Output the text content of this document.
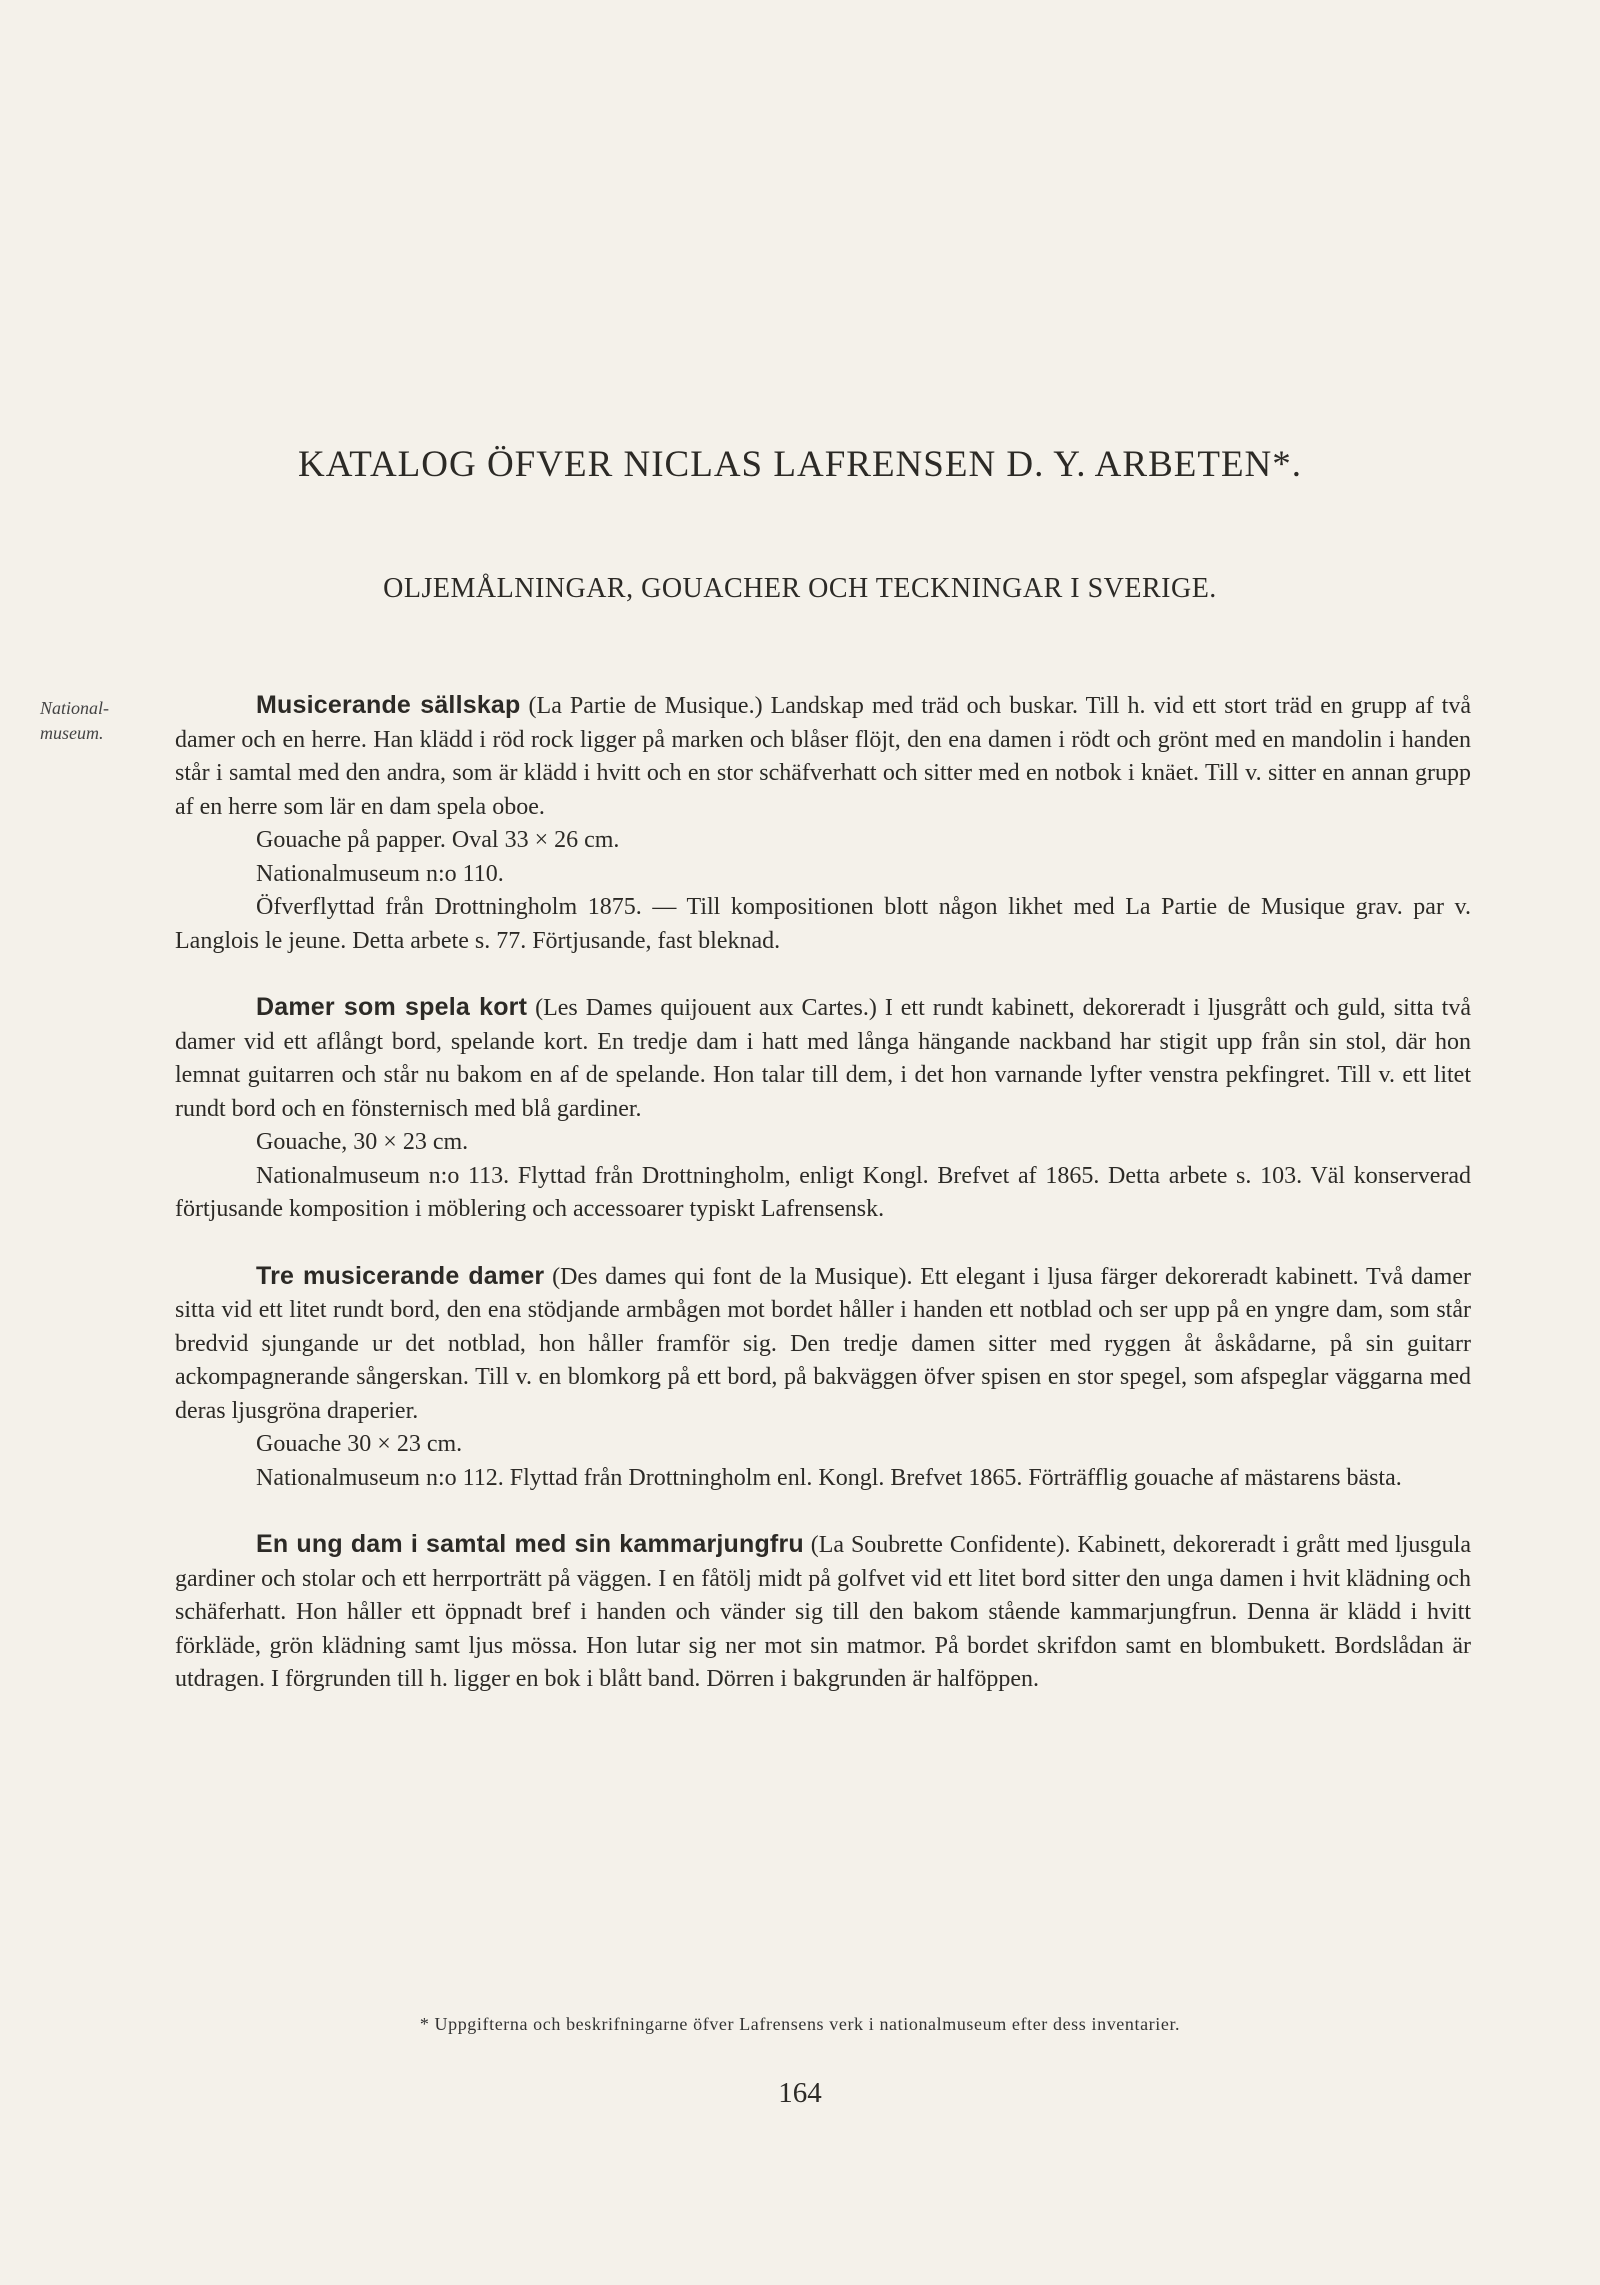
KATALOG ÖFVER NICLAS LAFRENSEN D. Y. ARBETEN*.
OLJEMÅLNINGAR, GOUACHER OCH TECKNINGAR I SVERIGE.
National-
museum.

Musicerande sällskap (La Partie de Musique.) Landskap med träd och buskar. Till h. vid ett stort träd en grupp af två damer och en herre. Han klädd i röd rock ligger på marken och blåser flöjt, den ena damen i rödt och grönt med en mandolin i handen står i samtal med den andra, som är klädd i hvitt och en stor schäfverhatt och sitter med en notbok i knäet. Till v. sitter en annan grupp af en herre som lär en dam spela oboe.

Gouache på papper. Oval 33 × 26 cm.

Nationalmuseum n:o 110.

Öfverflyttad från Drottningholm 1875. — Till kompositionen blott någon likhet med La Partie de Musique grav. par v. Langlois le jeune. Detta arbete s. 77. Förtjusande, fast bleknad.

Damer som spela kort (Les Dames quijouent aux Cartes.) I ett rundt kabinett, dekoreradt i ljusgrått och guld, sitta två damer vid ett aflångt bord, spelande kort. En tredje dam i hatt med långa hängande nackband har stigit upp från sin stol, där hon lemnat guitarren och står nu bakom en af de spelande. Hon talar till dem, i det hon varnande lyfter venstra pekfingret. Till v. ett litet rundt bord och en fönsternisch med blå gardiner.

Gouache, 30 × 23 cm.

Nationalmuseum n:o 113. Flyttad från Drottningholm, enligt Kongl. Brefvet af 1865. Detta arbete s. 103. Väl konserverad förtjusande komposition i möblering och accessoarer typiskt Lafrensensk.

Tre musicerande damer (Des dames qui font de la Musique). Ett elegant i ljusa färger dekoreradt kabinett. Två damer sitta vid ett litet rundt bord, den ena stödjande armbågen mot bordet håller i handen ett notblad och ser upp på en yngre dam, som står bredvid sjungande ur det notblad, hon håller framför sig. Den tredje damen sitter med ryggen åt åskådarne, på sin guitarr ackompagnerande sångerskan. Till v. en blomkorg på ett bord, på bakväggen öfver spisen en stor spegel, som afspeglar väggarna med deras ljusgröna draperier.

Gouache 30 × 23 cm.

Nationalmuseum n:o 112. Flyttad från Drottningholm enl. Kongl. Brefvet 1865. Förträfflig gouache af mästarens bästa.

En ung dam i samtal med sin kammarjungfru (La Soubrette Confidente). Kabinett, dekoreradt i grått med ljusgula gardiner och stolar och ett herrporträtt på väggen. I en fåtölj midt på golfvet vid ett litet bord sitter den unga damen i hvit klädning och schäferhatt. Hon håller ett öppnadt bref i handen och vänder sig till den bakom stående kammarjungfrun. Denna är klädd i hvitt förkläde, grön klädning samt ljus mössa. Hon lutar sig ner mot sin matmor. På bordet skrifdon samt en blombukett. Bordslådan är utdragen. I förgrunden till h. ligger en bok i blått band. Dörren i bakgrunden är halföppen.

* Uppgifterna och beskrifningarne öfver Lafrensens verk i nationalmuseum efter dess inventarier.
164
